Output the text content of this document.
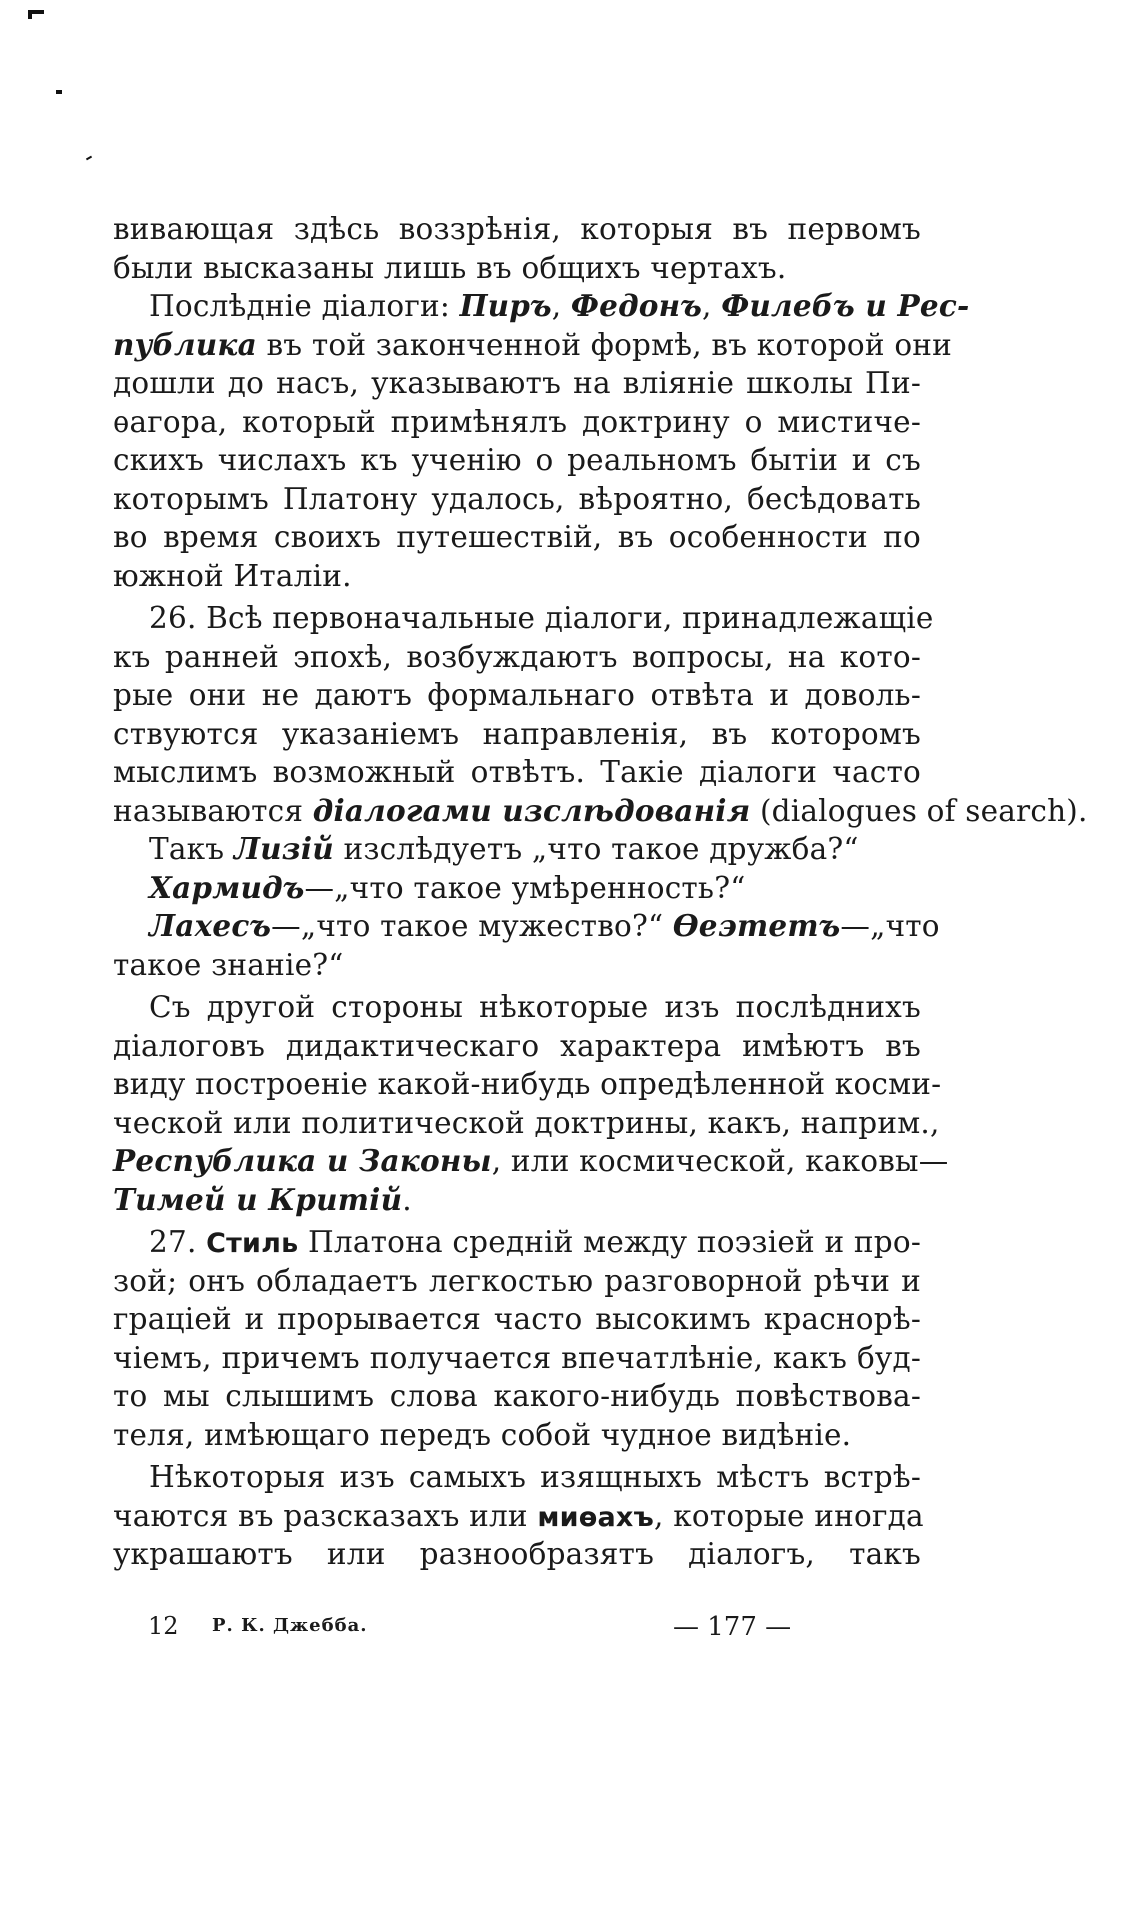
вивающая здѣсь воззрѣнія, которыя въ первомъ
были высказаны лишь въ общихъ чертахъ.
Послѣдніе діалоги: Пиръ, Федонъ, Филебъ и Рес-
публика въ той законченной формѣ, въ которой они
дошли до насъ, указываютъ на вліяніе школы Пи-
ѳагора, который примѣнялъ доктрину о мистиче-
скихъ числахъ къ ученію о реальномъ бытіи и съ
которымъ Платону удалось, вѣроятно, бесѣдовать
во время своихъ путешествій, въ особенности по
южной Италіи.
26. Всѣ первоначальные діалоги, принадлежащіе
къ ранней эпохѣ, возбуждаютъ вопросы, на кото-
рые они не даютъ формальнаго отвѣта и доволь-
ствуются указаніемъ направленія, въ которомъ
мыслимъ возможный отвѣтъ. Такіе діалоги часто
называются діалогами изслѣдованія (dialogues of search).
Такъ Лизій изслѣдуетъ „что такое дружба?“
Хармидъ—„что такое умѣренность?“
Лахесъ—„что такое мужество?“ Ѳеэтетъ—„что
такое знаніе?“
Съ другой стороны нѣкоторые изъ послѣднихъ
діалоговъ дидактическаго характера имѣютъ въ
виду построеніе какой-нибудь опредѣленной косми-
ческой или политической доктрины, какъ, наприм.,
Республика и Законы, или космической, каковы—
Тимей и Критій.
27. Стиль Платона средній между поэзіей и про-
зой; онъ обладаетъ легкостью разговорной рѣчи и
граціей и прорывается часто высокимъ краснорѣ-
чіемъ, причемъ получается впечатлѣніе, какъ буд-
то мы слышимъ слова какого-нибудь повѣствова-
теля, имѣющаго передъ собой чудное видѣніе.
Нѣкоторыя изъ самыхъ изящныхъ мѣстъ встрѣ-
чаются въ разсказахъ или миѳахъ, которые иногда
украшаютъ или разнообразятъ діалогъ, такъ
12 Р. К. Джебба.	— 177 —
